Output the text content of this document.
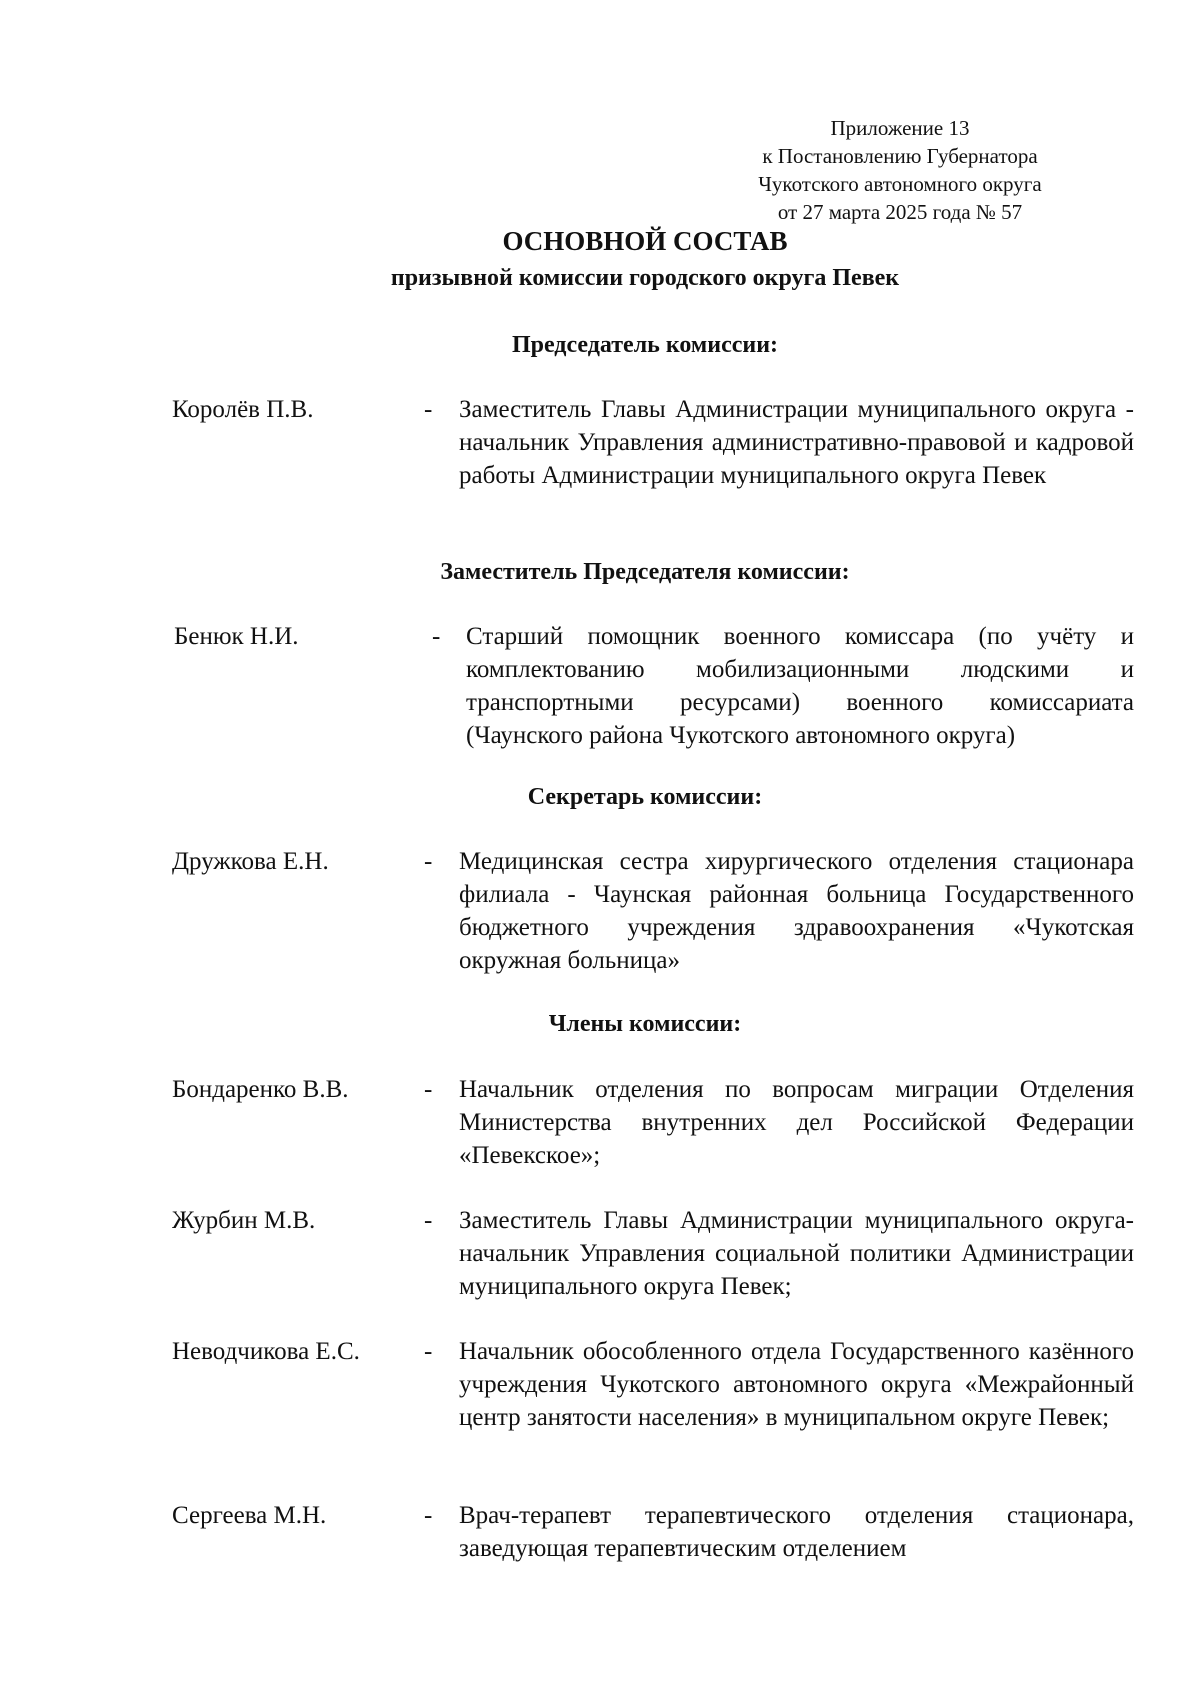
Приложение 13
к Постановлению Губернатора
Чукотского автономного округа
от 27 марта 2025 года № 57
ОСНОВНОЙ СОСТАВ
призывной комиссии городского округа Певек
Председатель комиссии:
Королёв П.В.	- Заместитель Главы Администрации муниципального округа - начальник Управления административно-правовой и кадровой работы Администрации муниципального округа Певек
Заместитель Председателя комиссии:
Бенюк Н.И.	- Старший помощник военного комиссара (по учёту и комплектованию мобилизационными людскими и транспортными ресурсами) военного комиссариата (Чаунского района Чукотского автономного округа)
Секретарь комиссии:
Дружкова Е.Н.	- Медицинская сестра хирургического отделения стационара филиала - Чаунская районная больница Государственного бюджетного учреждения здравоохранения «Чукотская окружная больница»
Члены комиссии:
Бондаренко В.В.	- Начальник отделения по вопросам миграции Отделения Министерства внутренних дел Российской Федерации «Певекское»;
Журбин М.В.	- Заместитель Главы Администрации муниципального округа- начальник Управления социальной политики Администрации муниципального округа Певек;
Неводчикова Е.С.	- Начальник обособленного отдела Государственного казённого учреждения Чукотского автономного округа «Межрайонный центр занятости населения» в муниципальном округе Певек;
Сергеева М.Н.	- Врач-терапевт терапевтического отделения стационара, заведующая терапевтическим отделением
